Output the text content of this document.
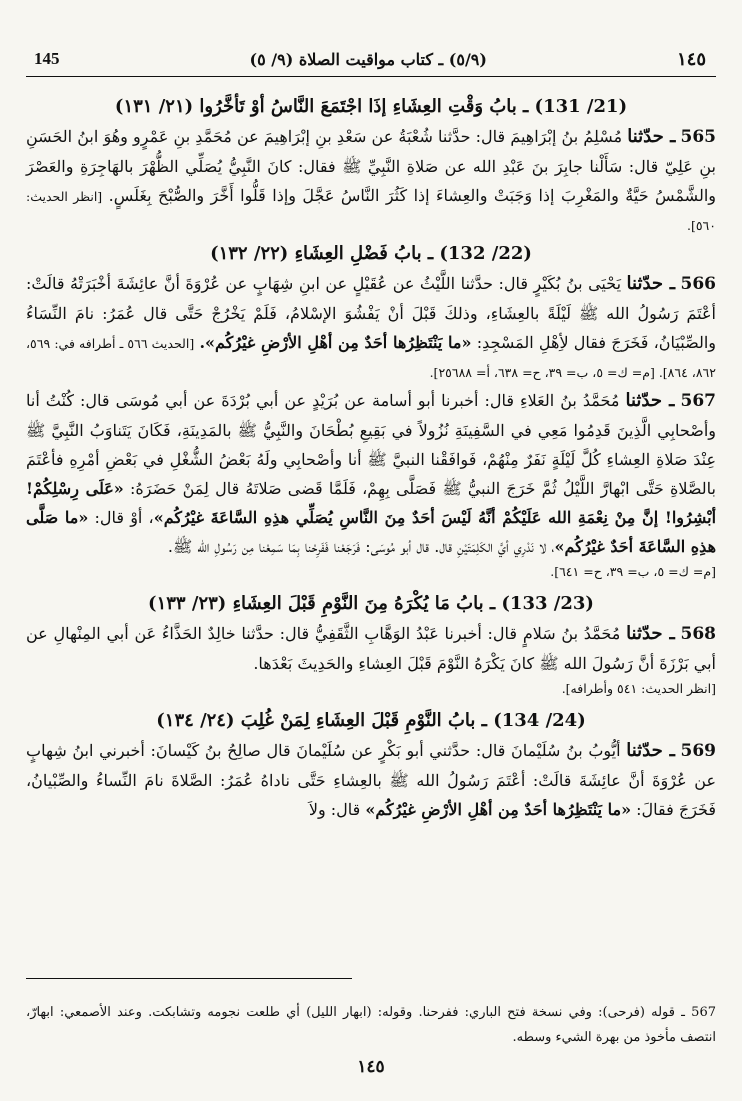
145	(٥/٩) ـ كتاب مواقيت الصلاة (٩/ ٥)	١٤٥
(21/ 131) ـ بابُ وَقْتِ العِشَاءِ إذَا اجْتَمَعَ النَّاسُ أوْ تَأخَّرُوا (٢١/ ١٣١)

565 ـ حدّثنا مُسْلِمُ بنُ إبْرَاهِيمَ قال: حدَّثنا شُعْبَةُ عن سَعْدِ بنِ إبْرَاهِيمَ عن مُحَمَّدِ بنِ عَمْرٍو وهُوَ ابنُ الحَسَنِ بنِ عَلِيّ قال: سَأَلْنا جابِرَ بنَ عَبْدِ الله عن صَلاةِ النَّبِيِّ ﷺ فقال: كانَ النَّبِيُّ يُصَلِّي الظُّهْرَ بالهَاجِرَةِ والعَصْرَ والشَّمْسُ حَيَّةٌ والمَغْرِبَ إذا وَجَبَتْ والعِشاءَ إذا كَثُرَ النَّاسُ عَجَّلَ وإذا قَلُّوا أَخَّرَ والصُّبْحَ بِغَلَسٍ. [انظر الحديث: ٥٦٠].

(22/ 132) ـ بابُ فَضْلِ العِشَاءِ (٢٢/ ١٣٢)

566 ـ حدّثنا يَحْيَى بنُ بُكَيْرٍ قال: حدَّثنا اللَّيْثُ عن عُقَيْلٍ عن ابنِ شِهَابٍ عن عُرْوَةَ أنَّ عائِشَةَ أخْبَرَتْهُ قالَتْ: أعْتَمَ رَسُولُ الله ﷺ لَيْلَةً بالعِشَاءِ، وذلكَ قَبْلَ أنْ يَفْشُوَ الإسْلامُ، فَلَمْ يَخْرُجْ حَتَّى قال عُمَرُ: نامَ النِّسَاءُ والصِّبْيَانُ، فَخَرَجَ فقال لأِهْلِ المَسْجِدِ: «ما يَنْتَظِرُها أحَدٌ مِن أهْلِ الأرْضِ غيْرُكُم». [الحديث ٥٦٦ ـ أطرافه في: ٥٦٩، ٨٦٢، ٨٦٤]. [م= ك= ٥، ب= ٣٩، ح= ٦٣٨، أ= ٢٥٦٨٨].

567 ـ حدّثنا مُحَمَّدُ بنُ العَلاءِ قال: أخبرنا أبو أسامة عن بُرَيْدٍ عن أبي بُرْدَةَ عن أبي مُوسَى قال: كُنْتُ أنا وأصْحابِي الَّذِينَ قَدِمُوا مَعِي في السَّفِينَةِ نُزُولاً في بَقِيعِ بُطْحَانَ والنَّبِيُّ ﷺ بالمَدِينَةِ، فَكَانَ يَتَناوَبُ النَّبِيَّ ﷺ عِنْدَ صَلاةِ العِشاءِ كُلَّ لَيْلَةٍ نَفَرٌ مِنْهُمْ، فَوافَقْنا النبيَّ ﷺ أنا وأصْحابِي ولَهُ بَعْضُ الشُّغْلِ في بَعْضِ أمْرِهِ فأعْتَمَ بالصَّلاةِ حَتَّى ابْهارَّ اللَّيْلُ ثُمَّ خَرَجَ النبيُّ ﷺ فَصَلَّى بِهِمْ، فَلَمَّا قَضى صَلاتَهُ قال لِمَنْ حَضَرَهُ: «عَلَى رِسْلِكُمْ! أبْشِرُوا! إنَّ مِنْ نِعْمَةِ الله عَلَيْكُمْ أنَّهُ لَيْسَ أحَدٌ مِنَ النَّاسِ يُصَلِّي هذِهِ السَّاعَةَ غيْرُكُم»، أوْ قال: «ما صَلَّى هذِهِ السَّاعَةَ أحَدٌ غيْرُكُم»، لا نَدْرِي أيَّ الكَلِمَتَيْنِ قال. قال أبو مُوسَى: فَرَجَعْنا فَفَرِحْنا بِمَا سَمِعْنا مِن رَسُولِ الله ﷺ.

[م= ك= ٥، ب= ٣٩، ح= ٦٤١].
(23/ 133) ـ بابُ مَا يُكْرَهُ مِنَ النَّوْمِ قَبْلَ العِشَاءِ (٢٣/ ١٣٣)

568 ـ حدّثنا مُحَمَّدُ بنُ سَلامٍ قال: أخبرنا عَبْدُ الوَهَّابِ الثَّقَفِيُّ قال: حدَّثنا خالِدٌ الحَذَّاءُ عَن أبي المِنْهالِ عن أبي بَرْزَةَ أنَّ رَسُولَ الله ﷺ كانَ يَكْرَهُ النَّوْمَ قَبْلَ العِشاءِ والحَدِيثَ بَعْدَها.

[انظر الحديث: ٥٤١ وأطرافه].
(24/ 134) ـ بابُ النَّوْمِ قَبْلَ العِشَاءِ لِمَنْ غُلِبَ (٢٤/ ١٣٤)

569 ـ حدّثنا أيُّوبُ بنُ سُلَيْمانَ قال: حدَّثني أبو بَكْرٍ عن سُلَيْمانَ قال صالِحُ بنُ كَيْسانَ: أخبرني ابنُ شِهابٍ عن عُرْوَةَ أنَّ عائِشَةَ قالَتْ: أعْتَمَ رَسُولُ الله ﷺ بالعِشاءِ حَتَّى ناداهُ عُمَرُ: الصَّلاةَ نامَ النِّساءُ والصِّبْيانُ، فَخَرَجَ فقالَ: «ما يَنْتَظِرُها أحَدٌ مِن أهْلِ الأرْضِ غيْرُكُم» قال: ولاَ

567 ـ قوله (فرحى): وفي نسخة فتح الباري: ففرحنا. وقوله: (ابهار الليل) أي طلعت نجومه وتشابكت. وعند الأصمعي: ابهارّ، انتصف مأخوذ من بهرة الشيء وسطه.
١٤٥
